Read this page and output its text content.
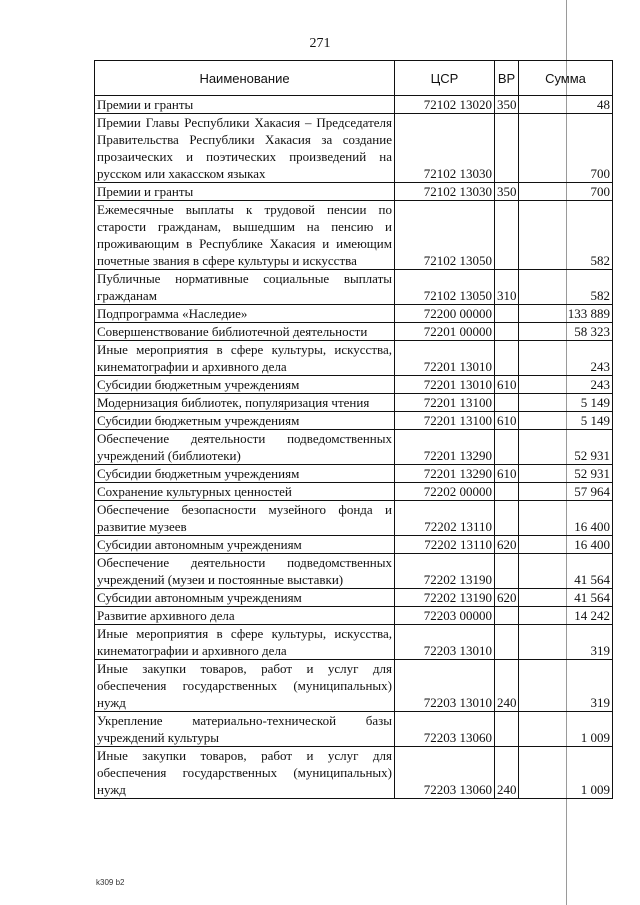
271
Наименование	ЦСР	ВР	Сумма
Премии и гранты	72102 13020	350	48
Премии Главы Республики Хакасия – Председателя Правительства Республики Хакасия за создание прозаических и поэтических произведений на русском или хакасском языках	72102 13030		700
Премии и гранты	72102 13030	350	700
Ежемесячные выплаты к трудовой пенсии по старости гражданам, вышедшим на пенсию и проживающим в Республике Хакасия и имеющим почетные звания в сфере культуры и искусства	72102 13050		582
Публичные нормативные социальные выплаты гражданам	72102 13050	310	582
Подпрограмма «Наследие»	72200 00000		133 889
Совершенствование библиотечной деятельности	72201 00000		58 323
Иные мероприятия в сфере культуры, искусства, кинематографии и архивного дела	72201 13010		243
Субсидии бюджетным учреждениям	72201 13010	610	243
Модернизация библиотек, популяризация чтения	72201 13100		5 149
Субсидии бюджетным учреждениям	72201 13100	610	5 149
Обеспечение деятельности подведомственных учреждений (библиотеки)	72201 13290		52 931
Субсидии бюджетным учреждениям	72201 13290	610	52 931
Сохранение культурных ценностей	72202 00000		57 964
Обеспечение безопасности музейного фонда и развитие музеев	72202 13110		16 400
Субсидии автономным учреждениям	72202 13110	620	16 400
Обеспечение деятельности подведомственных учреждений (музеи и постоянные выставки)	72202 13190		41 564
Субсидии автономным учреждениям	72202 13190	620	41 564
Развитие архивного дела	72203 00000		14 242
Иные мероприятия в сфере культуры, искусства, кинематографии и архивного дела	72203 13010		319
Иные закупки товаров, работ и услуг для обеспечения государственных (муниципальных) нужд	72203 13010	240	319
Укрепление материально-технической базы учреждений культуры	72203 13060		1 009
Иные закупки товаров, работ и услуг для обеспечения государственных (муниципальных) нужд	72203 13060	240	1 009
k309 b2
